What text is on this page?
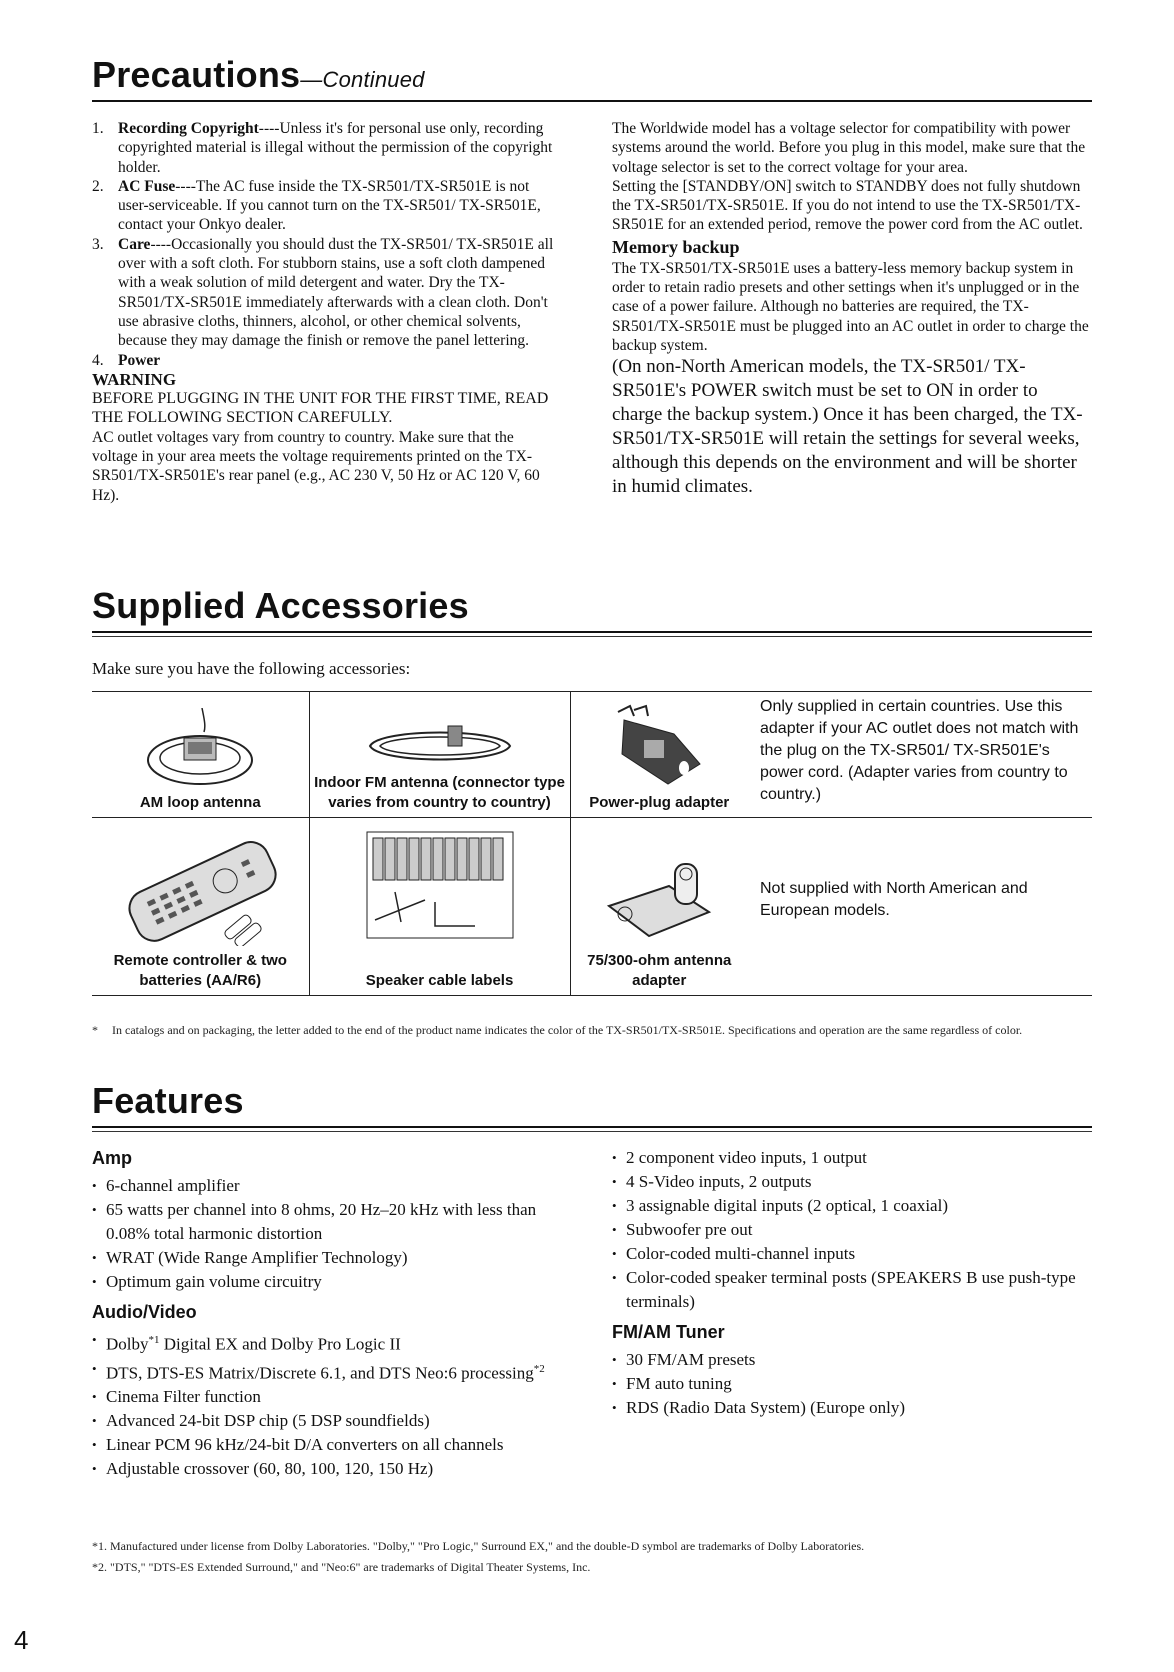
Precautions—Continued
1. Recording Copyright----Unless it's for personal use only, recording copyrighted material is illegal without the permission of the copyright holder.
2. AC Fuse----The AC fuse inside the TX-SR501/TX-SR501E is not user-serviceable. If you cannot turn on the TX-SR501/ TX-SR501E, contact your Onkyo dealer.
3. Care----Occasionally you should dust the TX-SR501/ TX-SR501E all over with a soft cloth. For stubborn stains, use a soft cloth dampened with a weak solution of mild detergent and water. Dry the TX-SR501/TX-SR501E immediately afterwards with a clean cloth. Don't use abrasive cloths, thinners, alcohol, or other chemical solvents, because they may damage the finish or remove the panel lettering.
4. Power

WARNING

BEFORE PLUGGING IN THE UNIT FOR THE FIRST TIME, READ THE FOLLOWING SECTION CAREFULLY.

AC outlet voltages vary from country to country. Make sure that the voltage in your area meets the voltage requirements printed on the TX-SR501/TX-SR501E's rear panel (e.g., AC 230 V, 50 Hz or AC 120 V, 60 Hz).

The Worldwide model has a voltage selector for compatibility with power systems around the world. Before you plug in this model, make sure that the voltage selector is set to the correct voltage for your area.

Setting the [STANDBY/ON] switch to STANDBY does not fully shutdown the TX-SR501/TX-SR501E. If you do not intend to use the TX-SR501/TX-SR501E for an extended period, remove the power cord from the AC outlet.

Memory backup

The TX-SR501/TX-SR501E uses a battery-less memory backup system in order to retain radio presets and other settings when it's unplugged or in the case of a power failure. Although no batteries are required, the TX-SR501/TX-SR501E must be plugged into an AC outlet in order to charge the backup system.

(On non-North American models, the TX-SR501/ TX-SR501E's POWER switch must be set to ON in order to charge the backup system.) Once it has been charged, the TX-SR501/TX-SR501E will retain the settings for several weeks, although this depends on the environment and will be shorter in humid climates.

Supplied Accessories
Make sure you have the following accessories:
AM loop antenna	Indoor FM antenna (connector type varies from country to country)	Power-plug adapter	Only supplied in certain countries. Use this adapter if your AC outlet does not match with the plug on the TX-SR501/ TX-SR501E's power cord. (Adapter varies from country to country.)

Remote controller & two batteries (AA/R6)	Speaker cable labels	75/300-ohm antenna adapter	Not supplied with North American and European models.
*	In catalogs and on packaging, the letter added to the end of the product name indicates the color of the TX-SR501/TX-SR501E. Specifications and operation are the same regardless of color.
Features
Amp
• 6-channel amplifier
• 65 watts per channel into 8 ohms, 20 Hz–20 kHz with less than 0.08% total harmonic distortion
• WRAT (Wide Range Amplifier Technology)
• Optimum gain volume circuitry
Audio/Video
• Dolby$^{*1}$ Digital EX and Dolby Pro Logic II
• DTS, DTS-ES Matrix/Discrete 6.1, and DTS Neo:6 processing$^{*2}$
• Cinema Filter function
• Advanced 24-bit DSP chip (5 DSP soundfields)
• Linear PCM 96 kHz/24-bit D/A converters on all channels
• Adjustable crossover (60, 80, 100, 120, 150 Hz)
• 2 component video inputs, 1 output
• 4 S-Video inputs, 2 outputs
• 3 assignable digital inputs (2 optical, 1 coaxial)
• Subwoofer pre out
• Color-coded multi-channel inputs
• Color-coded speaker terminal posts (SPEAKERS B use push-type terminals)
FM/AM Tuner
• 30 FM/AM presets
• FM auto tuning
• RDS (Radio Data System) (Europe only)
*1. Manufactured under license from Dolby Laboratories. "Dolby," "Pro Logic," Surround EX," and the double-D symbol are trademarks of Dolby Laboratories.
*2. "DTS," "DTS-ES Extended Surround," and "Neo:6" are trademarks of Digital Theater Systems, Inc.
4
